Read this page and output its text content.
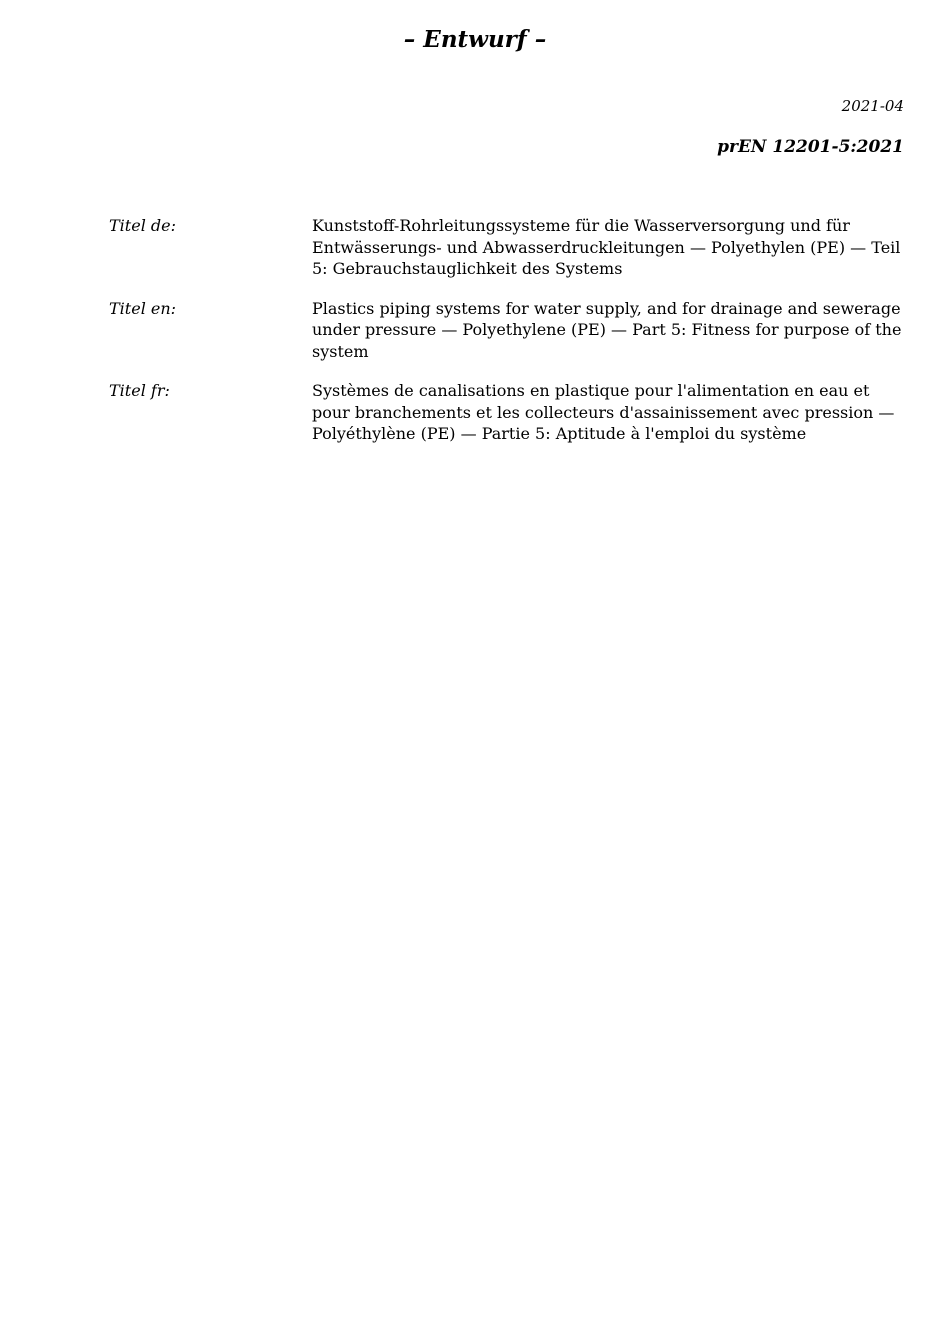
– Entwurf –
2021-04
prEN 12201-5:2021
Titel de:	Kunststoff-Rohrleitungssysteme für die Wasserversorgung und für Entwässerungs- und Abwasserdruckleitungen — Polyethylen (PE) — Teil 5: Gebrauchstauglichkeit des Systems
Titel en:	Plastics piping systems for water supply, and for drainage and sewerage under pressure — Polyethylene (PE) — Part 5: Fitness for purpose of the system
Titel fr:	Systèmes de canalisations en plastique pour l'alimentation en eau et pour branchements et les collecteurs d'assainissement avec pression — Polyéthylène (PE) — Partie 5: Aptitude à l'emploi du système
